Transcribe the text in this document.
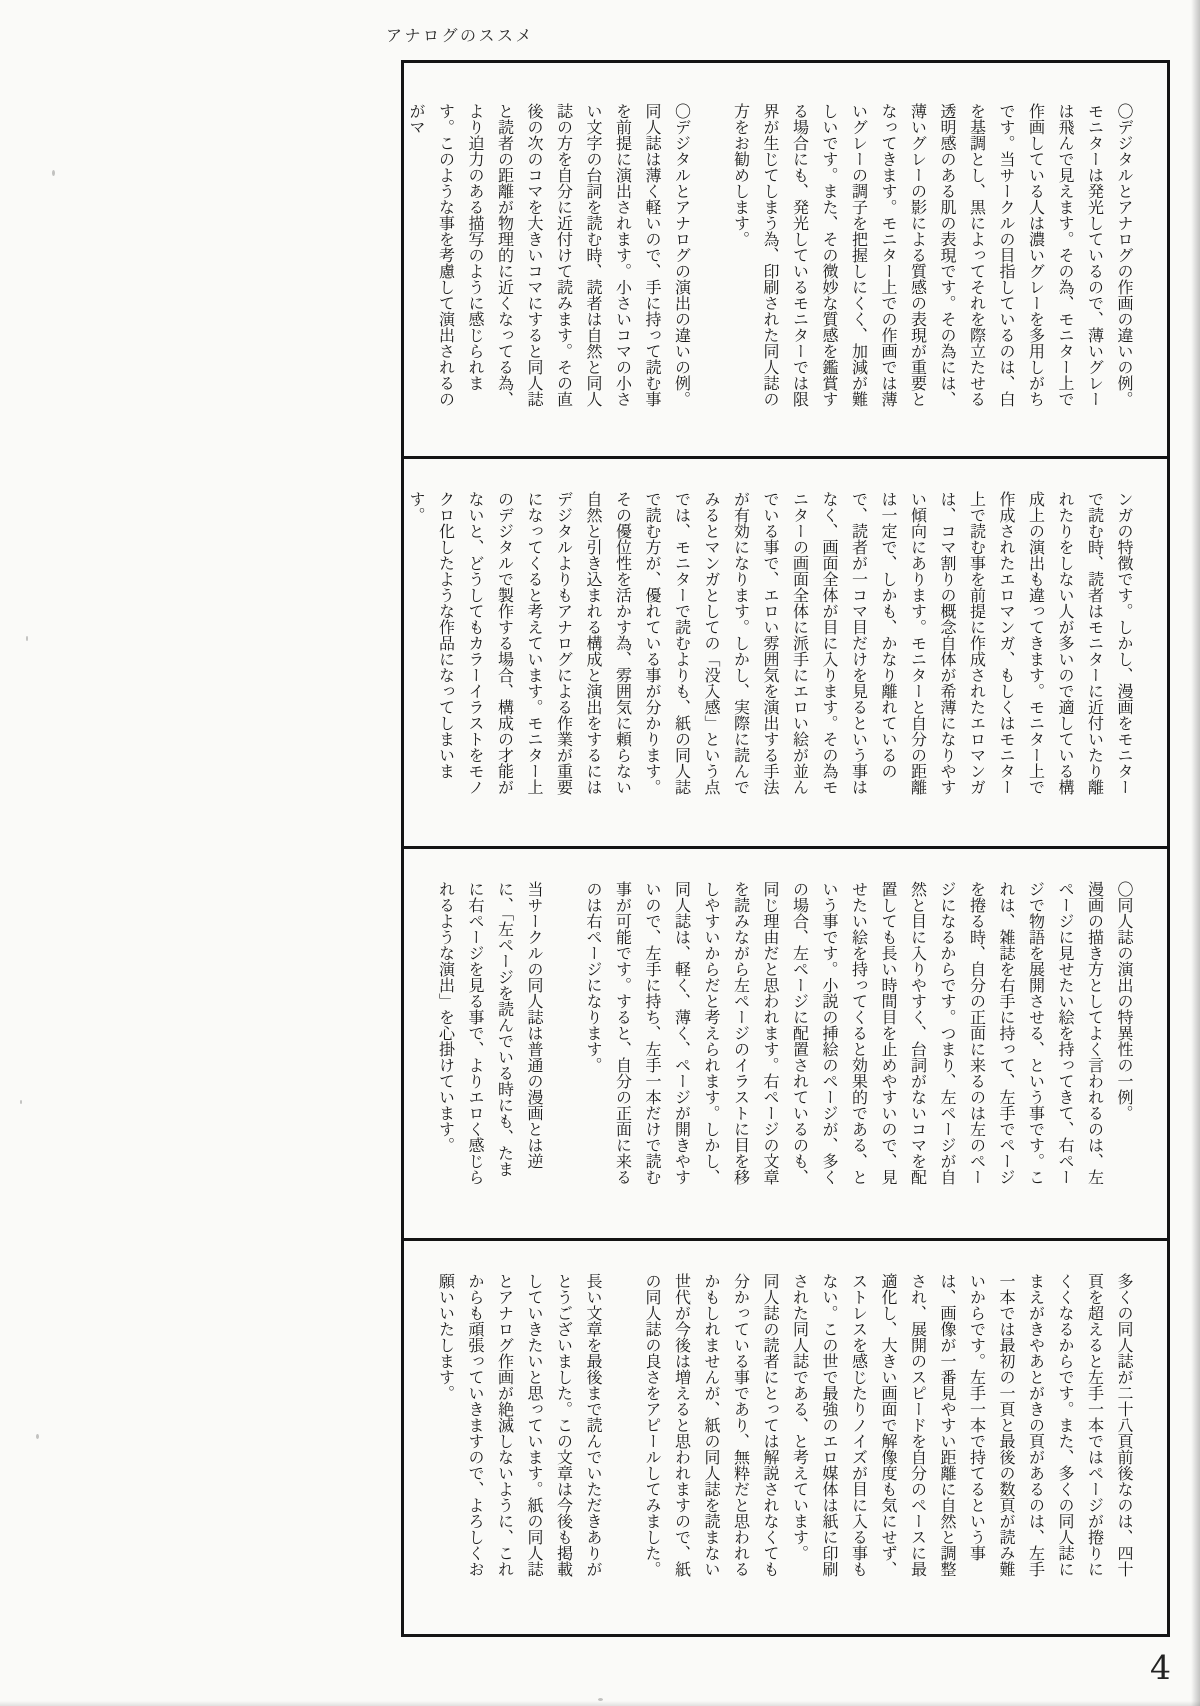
アナログのススメ

〇デジタルとアナログの作画の違いの例。

モニターは発光しているので、薄いグレーは飛んで見えます。その為、モニター上で作画している人は濃いグレーを多用しがちです。当サークルの目指しているのは、白を基調とし、黒によってそれを際立たせる透明感のある肌の表現です。その為には、薄いグレーの影による質感の表現が重要となってきます。モニター上での作画では薄いグレーの調子を把握しにくく、加減が難しいです。また、その微妙な質感を鑑賞する場合にも、発光しているモニターでは限界が生じてしまう為、印刷された同人誌の方をお勧めします。

〇デジタルとアナログの演出の違いの例。

同人誌は薄く軽いので、手に持って読む事を前提に演出されます。小さいコマの小さい文字の台詞を読む時、読者は自然と同人誌の方を自分に近付けて読みます。その直後の次のコマを大きいコマにすると同人誌と読者の距離が物理的に近くなってる為、より迫力のある描写のように感じられます。このような事を考慮して演出されるのがマ

ンガの特徴です。しかし、漫画をモニターで読む時、読者はモニターに近付いたり離れたりをしない人が多いので適している構成上の演出も違ってきます。モニター上で作成されたエロマンガ、もしくはモニター上で読む事を前提に作成されたエロマンガは、コマ割りの概念自体が希薄になりやすい傾向にあります。モニターと自分の距離は一定で、しかも、かなり離れているので、読者が一コマ目だけを見るという事はなく、画面全体が目に入ります。その為モニターの画面全体に派手にエロい絵が並んでいる事で、エロい雰囲気を演出する手法が有効になります。しかし、実際に読んでみるとマンガとしての「没入感」という点では、モニターで読むよりも、紙の同人誌で読む方が、優れている事が分かります。その優位性を活かす為、雰囲気に頼らない自然と引き込まれる構成と演出をするにはデジタルよりもアナログによる作業が重要になってくると考えています。モニター上のデジタルで製作する場合、構成の才能がないと、どうしてもカラーイラストをモノクロ化したような作品になってしまいます。

〇同人誌の演出の特異性の一例。

漫画の描き方としてよく言われるのは、左ページに見せたい絵を持ってきて、右ページで物語を展開させる、という事です。これは、雑誌を右手に持って、左手でページを捲る時、自分の正面に来るのは左のページになるからです。つまり、左ページが自然と目に入りやすく、台詞がないコマを配置しても長い時間目を止めやすいので、見せたい絵を持ってくると効果的である、という事です。小説の挿絵のページが、多くの場合、左ページに配置されているのも、同じ理由だと思われます。右ページの文章を読みながら左ページのイラストに目を移しやすいからだと考えられます。しかし、同人誌は、軽く、薄く、ページが開きやすいので、左手に持ち、左手一本だけで読む事が可能です。すると、自分の正面に来るのは右ページになります。

当サークルの同人誌は普通の漫画とは逆に、「左ページを読んでいる時にも、たまに右ページを見る事で、よりエロく感じられるような演出」を心掛けています。

多くの同人誌が二十八頁前後なのは、四十頁を超えると左手一本ではページが捲りにくくなるからです。また、多くの同人誌にまえがきやあとがきの頁があるのは、左手一本では最初の一頁と最後の数頁が読み難いからです。左手一本で持てるという事は、画像が一番見やすい距離に自然と調整され、展開のスピードを自分のペースに最適化し、大きい画面で解像度も気にせず、ストレスを感じたりノイズが目に入る事もない。この世で最強のエロ媒体は紙に印刷された同人誌である、と考えています。

同人誌の読者にとっては解説されなくても分かっている事であり、無粋だと思われるかもしれませんが、紙の同人誌を読まない世代が今後は増えると思われますので、紙の同人誌の良さをアピールしてみました。

長い文章を最後まで読んでいただきありがとうございました。この文章は今後も掲載していきたいと思っています。紙の同人誌とアナログ作画が絶滅しないように、これからも頑張っていきますので、よろしくお願いいたします。

4
